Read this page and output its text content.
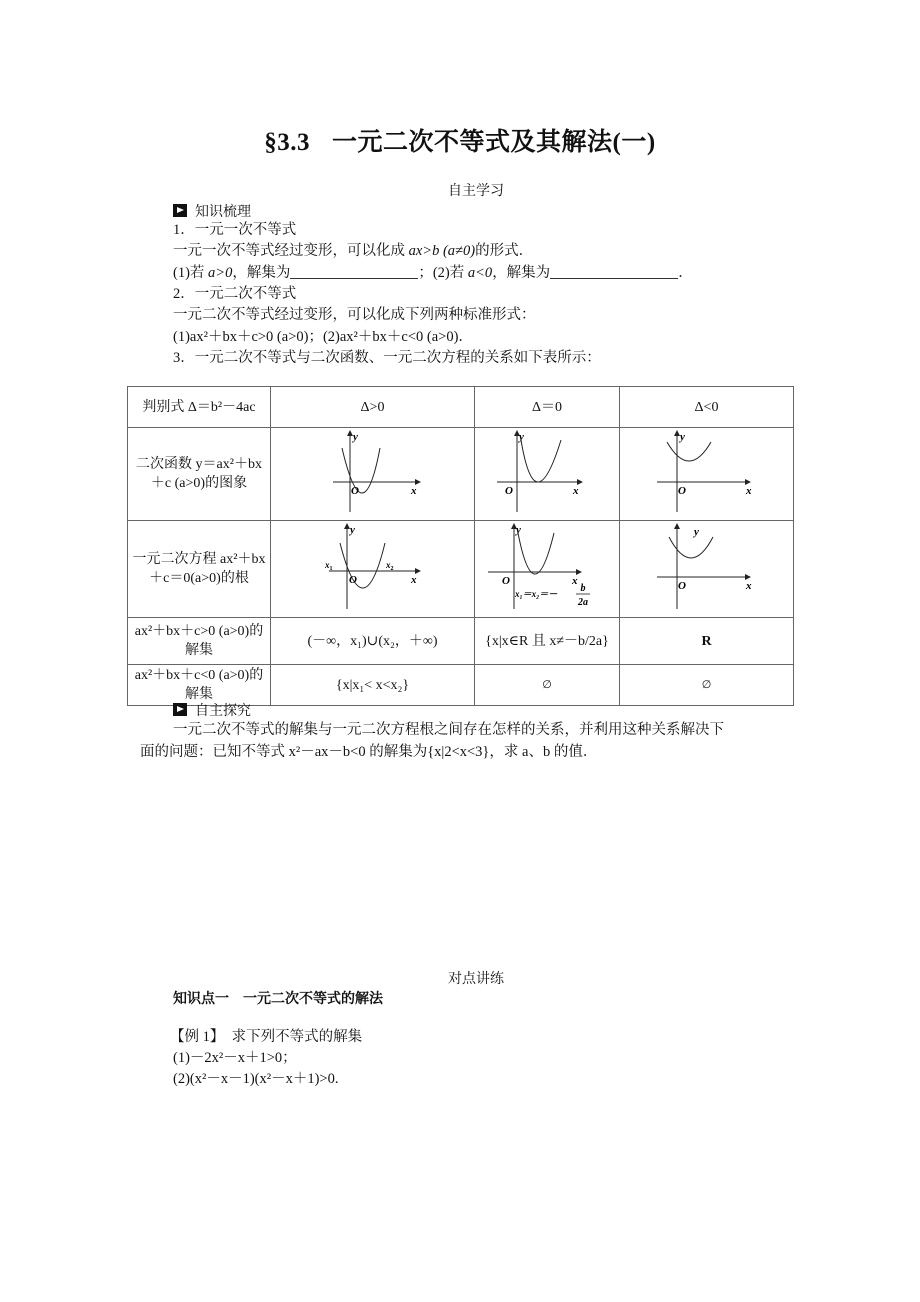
§3.3 一元二次不等式及其解法(一)
自主学习
知识梳理
1．一元一次不等式
一元一次不等式经过变形，可以化成 ax>b (a≠0)的形式．
(1)若 a>0，解集为	；(2)若 a<0，解集为	．
2．一元二次不等式
一元二次不等式经过变形，可以化成下列两种标准形式：
(1)ax²＋bx＋c>0 (a>0)；(2)ax²＋bx＋c<0 (a>0)．
3．一元二次不等式与二次函数、一元二次方程的关系如下表所示：
判别式 Δ＝b²－4ac	Δ>0	Δ＝0	Δ<0
二次函数 y＝ax²＋bx＋c (a>0)的图象	y
O x	y
O x	y
O x

一元二次方程 ax²＋bx＋c＝0(a>0)的根	
y
O	x
$x_1$	$x_2$

y
O	x
x₁＝x₂＝－ b
2a

y
O	x

ax²＋bx＋c>0 (a>0)的解集	(－∞，x₁)∪(x₂，＋∞)	{x|x∈R 且 x≠－b/2a}	R
ax²＋bx＋c<0 (a>0)的解集	{x|x₁< x<x₂}	∅	∅
自主探究
一元二次不等式的解集与一元二次方程根之间存在怎样的关系，并利用这种关系解决下
面的问题：已知不等式 x²－ax－b<0 的解集为{x|2<x<3}，求 a、b 的值．
对点讲练
知识点一　一元二次不等式的解法
【例 1】 求下列不等式的解集
(1)－2x²－x＋1>0；
(2)(x²－x－1)(x²－x＋1)>0.
